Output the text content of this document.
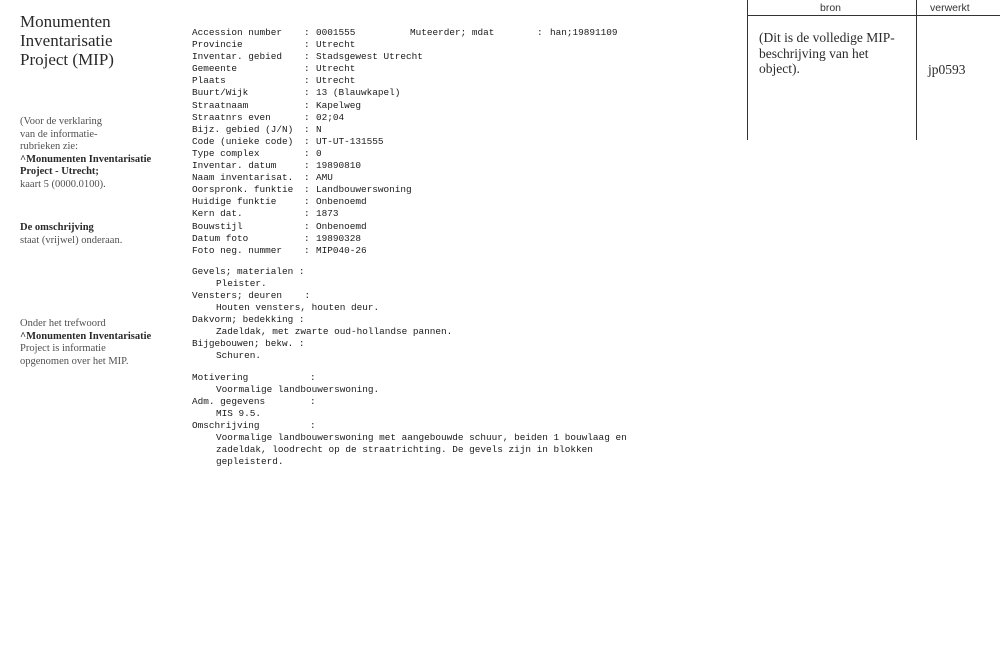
Monumenten
Inventarisatie
Project (MIP)
(Voor de verklaring
van de informatie-
rubrieken zie:
^Monumenten Inventarisatie
Project - Utrecht;
kaart 5 (0000.0100).
De omschrijving
staat (vrijwel) onderaan.
Onder het trefwoord
^Monumenten Inventarisatie
Project is informatie
opgenomen over het MIP.
Muteerder; mdat	: han;19891109
Accession number	: 0001555
Provincie	: Utrecht
Inventar. gebied	: Stadsgewest Utrecht
Gemeente	: Utrecht
Plaats	: Utrecht
Buurt/Wijk	: 13 (Blauwkapel)
Straatnaam	: Kapelweg
Straatnrs even	: 02;04
Bijz. gebied (J/N)	: N
Code (unieke code)	: UT-UT-131555
Type complex	: 0
Inventar. datum	: 19890810
Naam inventarisat.	: AMU
Oorspronk. funktie	: Landbouwerswoning
Huidige funktie	: Onbenoemd
Kern dat.	: 1873
Bouwstijl	: Onbenoemd
Datum foto	: 19890328
Foto neg. nummer	: MIP040-26
Gevels; materialen :
Pleister.
Vensters; deuren    :
Houten vensters, houten deur.
Dakvorm; bedekking :
Zadeldak, met zwarte oud-hollandse pannen.
Bijgebouwen; bekw. :
Schuren.
Motivering	:
Voormalige landbouwerswoning.
Adm. gegevens	:
MIS 9.5.
Omschrijving	:
Voormalige landbouwerswoning met aangebouwde schuur, beiden 1 bouwlaag en
zadeldak, loodrecht op de straatrichting. De gevels zijn in blokken
gepleisterd.
bron	verwerkt
(Dit is de volledige MIP-beschrijving van het object).	jp0593
